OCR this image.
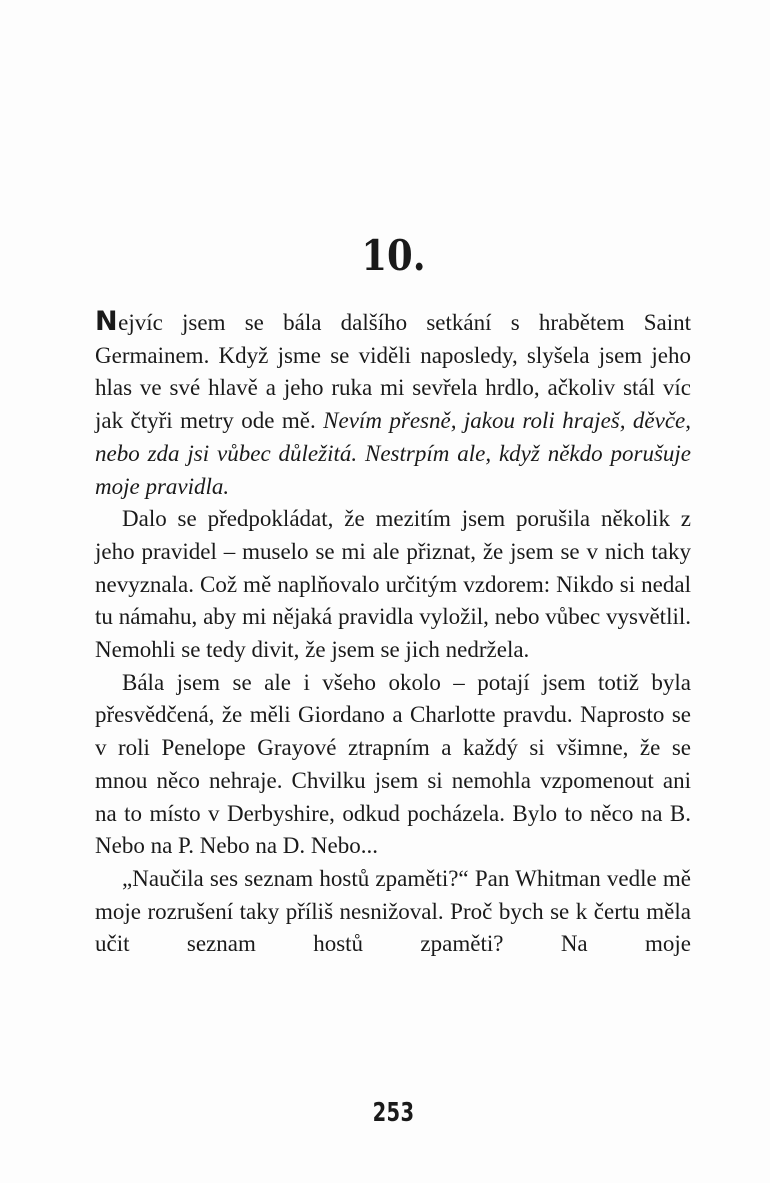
10.

Nejvíc jsem se bála dalšího setkání s hrabětem Saint Germainem. Když jsme se viděli naposledy, slyšela jsem jeho hlas ve své hlavě a jeho ruka mi sevřela hrdlo, ačkoliv stál víc jak čtyři metry ode mě. Nevím přesně, jakou roli hraješ, děvče, nebo zda jsi vůbec důležitá. Nestrpím ale, když někdo porušuje moje pravidla.

Dalo se předpokládat, že mezitím jsem porušila několik z jeho pravidel – muselo se mi ale přiznat, že jsem se v nich taky nevyznala. Což mě naplňovalo určitým vzdorem: Nikdo si nedal tu námahu, aby mi nějaká pravidla vyložil, nebo vůbec vysvětlil. Nemohli se tedy divit, že jsem se jich nedržela.

Bála jsem se ale i všeho okolo – potají jsem totiž byla přesvědčená, že měli Giordano a Charlotte pravdu. Naprosto se v roli Penelope Grayové ztrapním a každý si všimne, že se mnou něco nehraje. Chvilku jsem si nemohla vzpomenout ani na to místo v Derbyshire, odkud pocházela. Bylo to něco na B. Nebo na P. Nebo na D. Nebo...

„Naučila ses seznam hostů zpaměti?“ Pan Whitman vedle mě moje rozrušení taky příliš nesnižoval. Proč bych se k čertu měla učit seznam hostů zpaměti? Na moje

253
